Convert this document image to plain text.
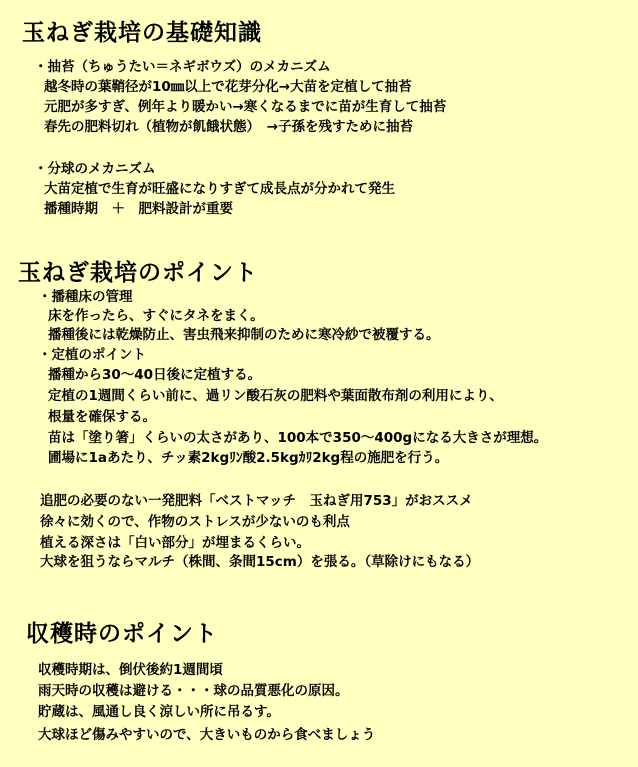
玉ねぎ栽培の基礎知識
・抽苔（ちゅうたい＝ネギボウズ）のメカニズム
越冬時の葉鞘径が10㎜以上で花芽分化→大苗を定植して抽苔
元肥が多すぎ、例年より暖かい→寒くなるまでに苗が生育して抽苔
春先の肥料切れ（植物が飢餓状態）　→子孫を残すために抽苔
・分球のメカニズム
大苗定植で生育が旺盛になりすぎて成長点が分かれて発生
播種時期　＋　肥料設計が重要
玉ねぎ栽培のポイント
・播種床の管理
床を作ったら、すぐにタネをまく。
播種後には乾燥防止、害虫飛来抑制のために寒冷紗で被覆する。
・定植のポイント
播種から30～40日後に定植する。
定植の1週間くらい前に、過リン酸石灰の肥料や葉面散布剤の利用により、
根量を確保する。
苗は「塗り箸」くらいの太さがあり、100本で350～400gになる大きさが理想。
圃場に1aあたり、チッ素2kgﾘﾝ酸2.5kgｶﾘ2kg程の施肥を行う。
追肥の必要のない一発肥料「ベストマッチ　玉ねぎ用753」がおススメ
徐々に効くので、作物のストレスが少ないのも利点
植える深さは「白い部分」が埋まるくらい。
大球を狙うならマルチ（株間、条間15cm）を張る。（草除けにもなる）
収穫時のポイント
収穫時期は、倒伏後約1週間頃
雨天時の収穫は避ける・・・球の品質悪化の原因。
貯蔵は、風通し良く涼しい所に吊るす。
大球ほど傷みやすいので、大きいものから食べましょう
